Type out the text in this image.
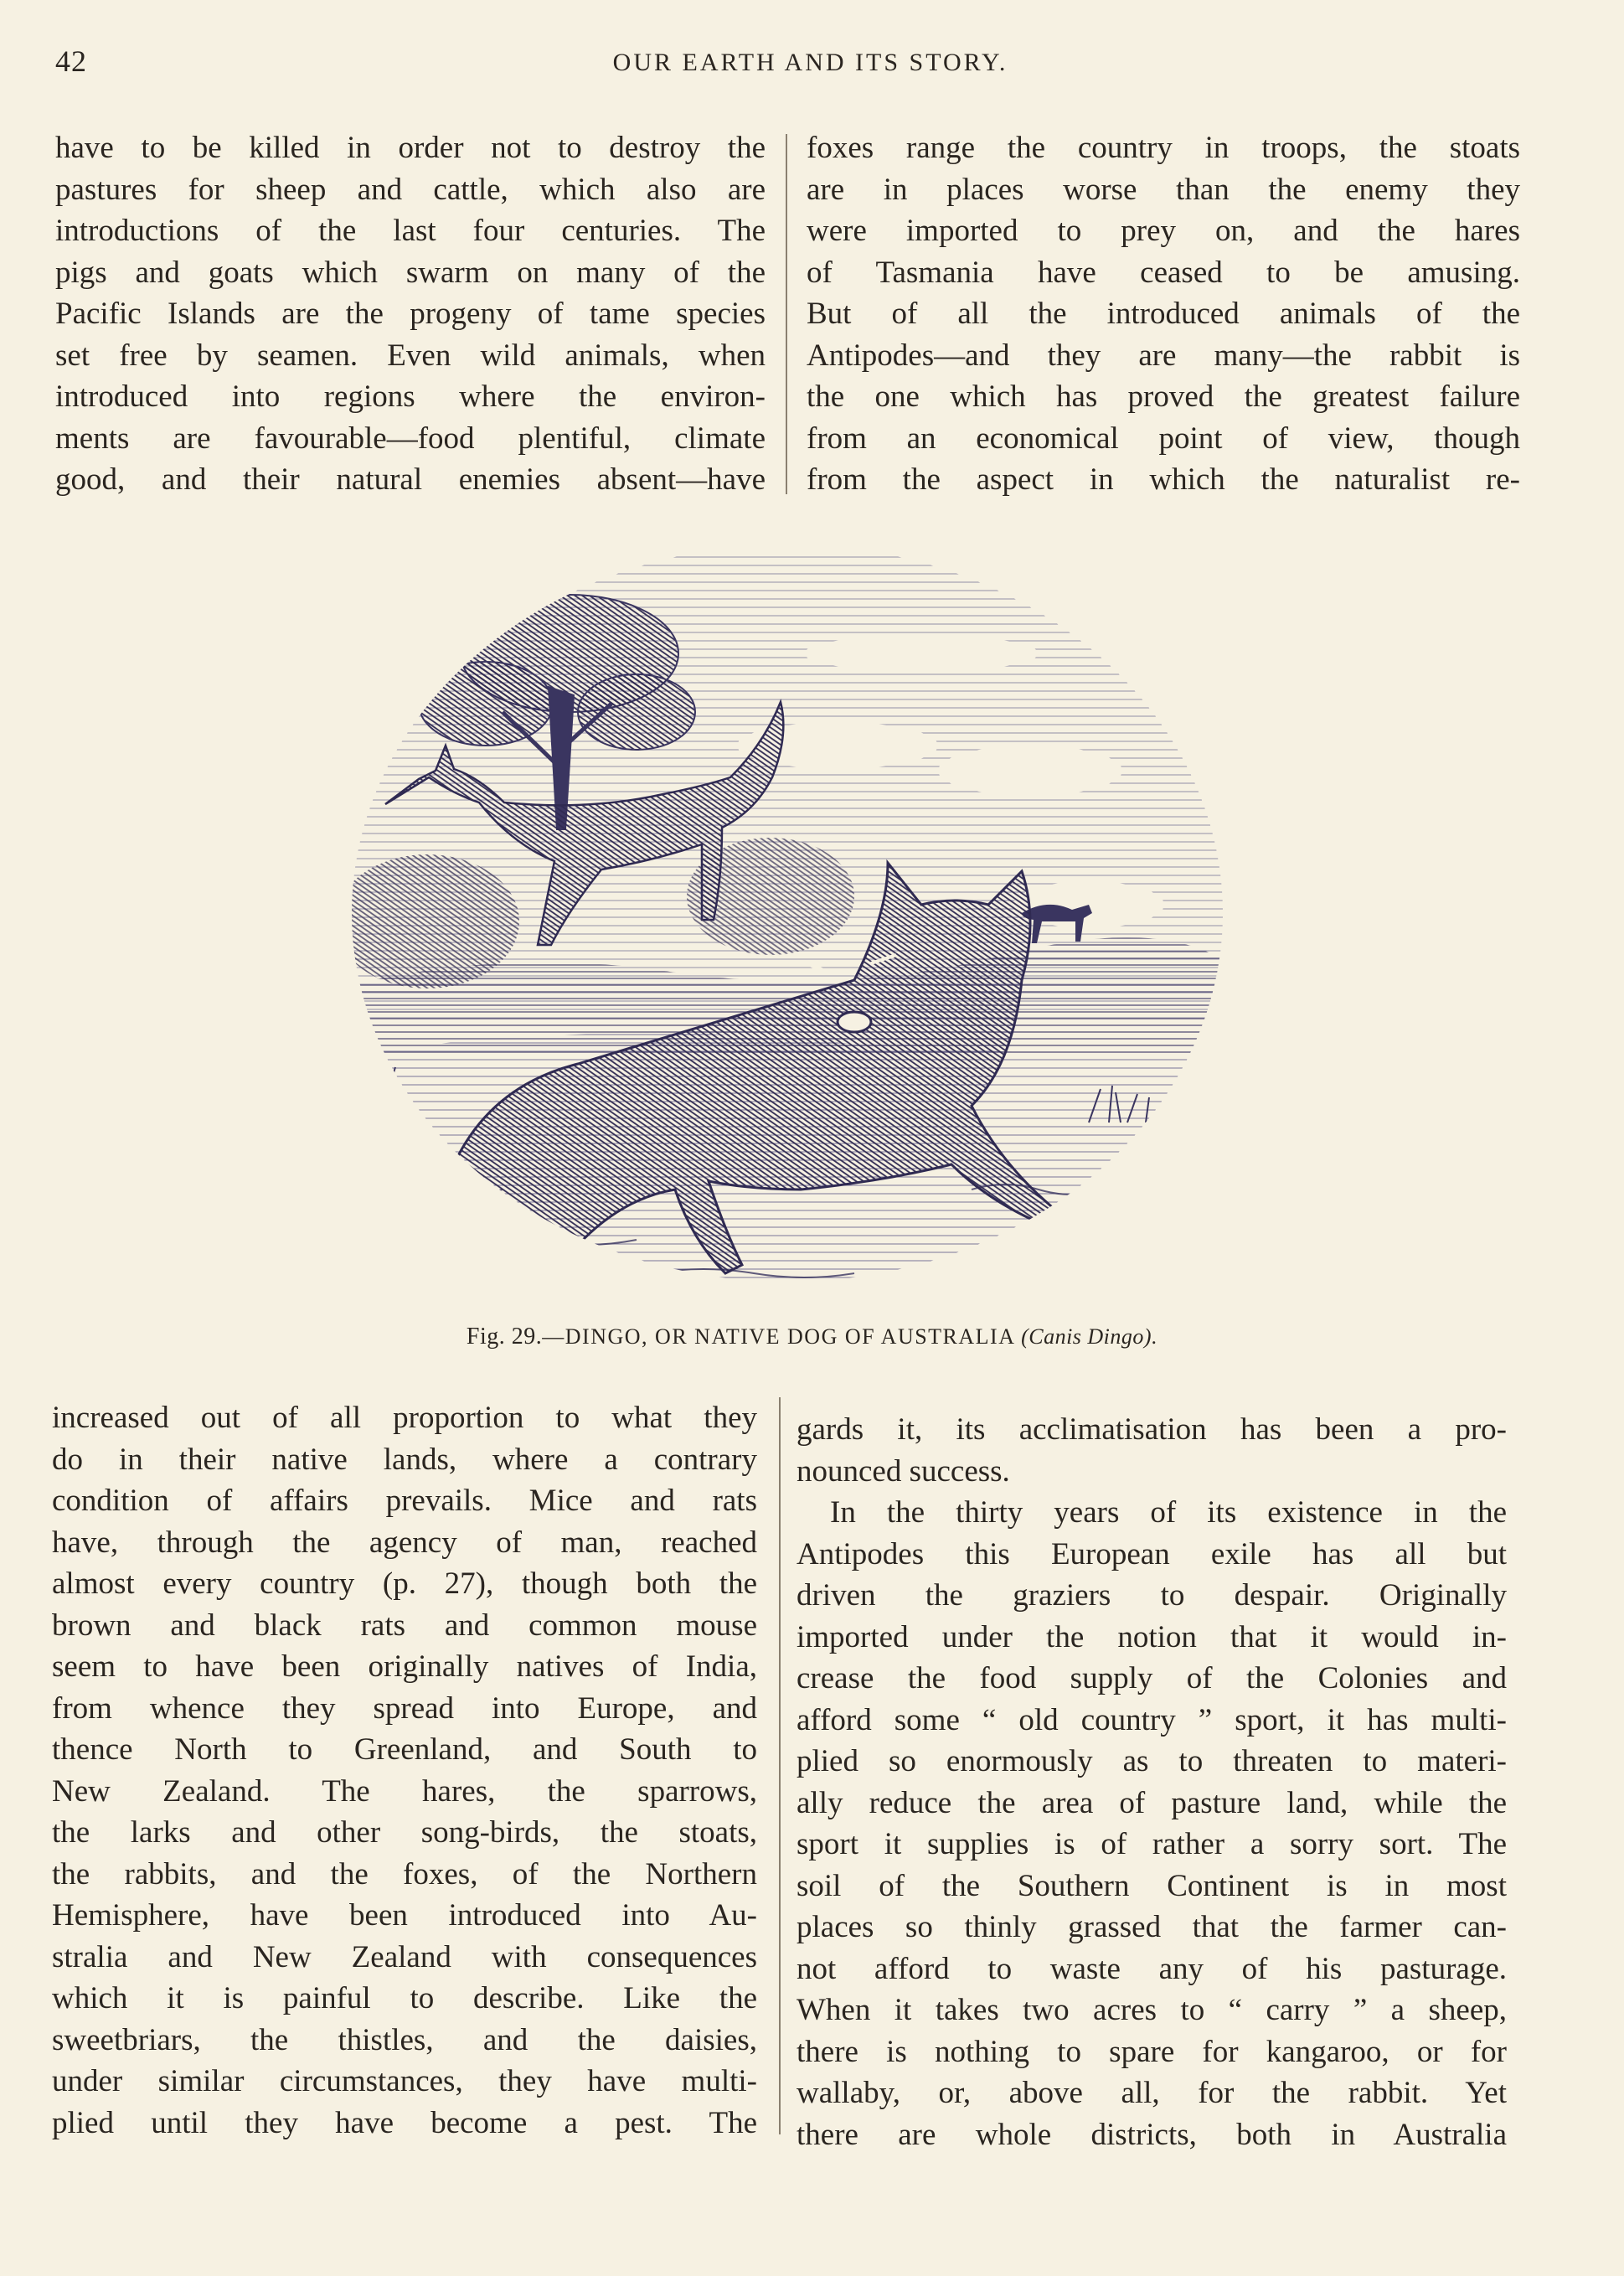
42	OUR EARTH AND ITS STORY.
have to be killed in order not to destroy the
pastures for sheep and cattle, which also are
introductions of the last four centuries. The
pigs and goats which swarm on many of the
Pacific Islands are the progeny of tame species
set free by seamen. Even wild animals, when
introduced into regions where the environ-
ments are favourable—food plentiful, climate
good, and their natural enemies absent—have
foxes range the country in troops, the stoats
are in places worse than the enemy they
were imported to prey on, and the hares
of Tasmania have ceased to be amusing.
But of all the introduced animals of the
Antipodes—and they are many—the rabbit is
the one which has proved the greatest failure
from an economical point of view, though
from the aspect in which the naturalist re-
Fig. 29.—DINGO, OR NATIVE DOG OF AUSTRALIA (Canis Dingo).
increased out of all proportion to what they
do in their native lands, where a contrary
condition of affairs prevails. Mice and rats
have, through the agency of man, reached
almost every country (p. 27), though both the
brown and black rats and common mouse
seem to have been originally natives of India,
from whence they spread into Europe, and
thence North to Greenland, and South to
New Zealand. The hares, the sparrows,
the larks and other song-birds, the stoats,
the rabbits, and the foxes, of the Northern
Hemisphere, have been introduced into Au-
stralia and New Zealand with consequences
which it is painful to describe. Like the
sweetbriars, the thistles, and the daisies,
under similar circumstances, they have multi-
plied until they have become a pest. The
gards it, its acclimatisation has been a pro-
nounced success.
In the thirty years of its existence in the
Antipodes this European exile has all but
driven the graziers to despair. Originally
imported under the notion that it would in-
crease the food supply of the Colonies and
afford some “ old country ” sport, it has multi-
plied so enormously as to threaten to materi-
ally reduce the area of pasture land, while the
sport it supplies is of rather a sorry sort. The
soil of the Southern Continent is in most
places so thinly grassed that the farmer can-
not afford to waste any of his pasturage.
When it takes two acres to “ carry ” a sheep,
there is nothing to spare for kangaroo, or for
wallaby, or, above all, for the rabbit. Yet
there are whole districts, both in Australia
